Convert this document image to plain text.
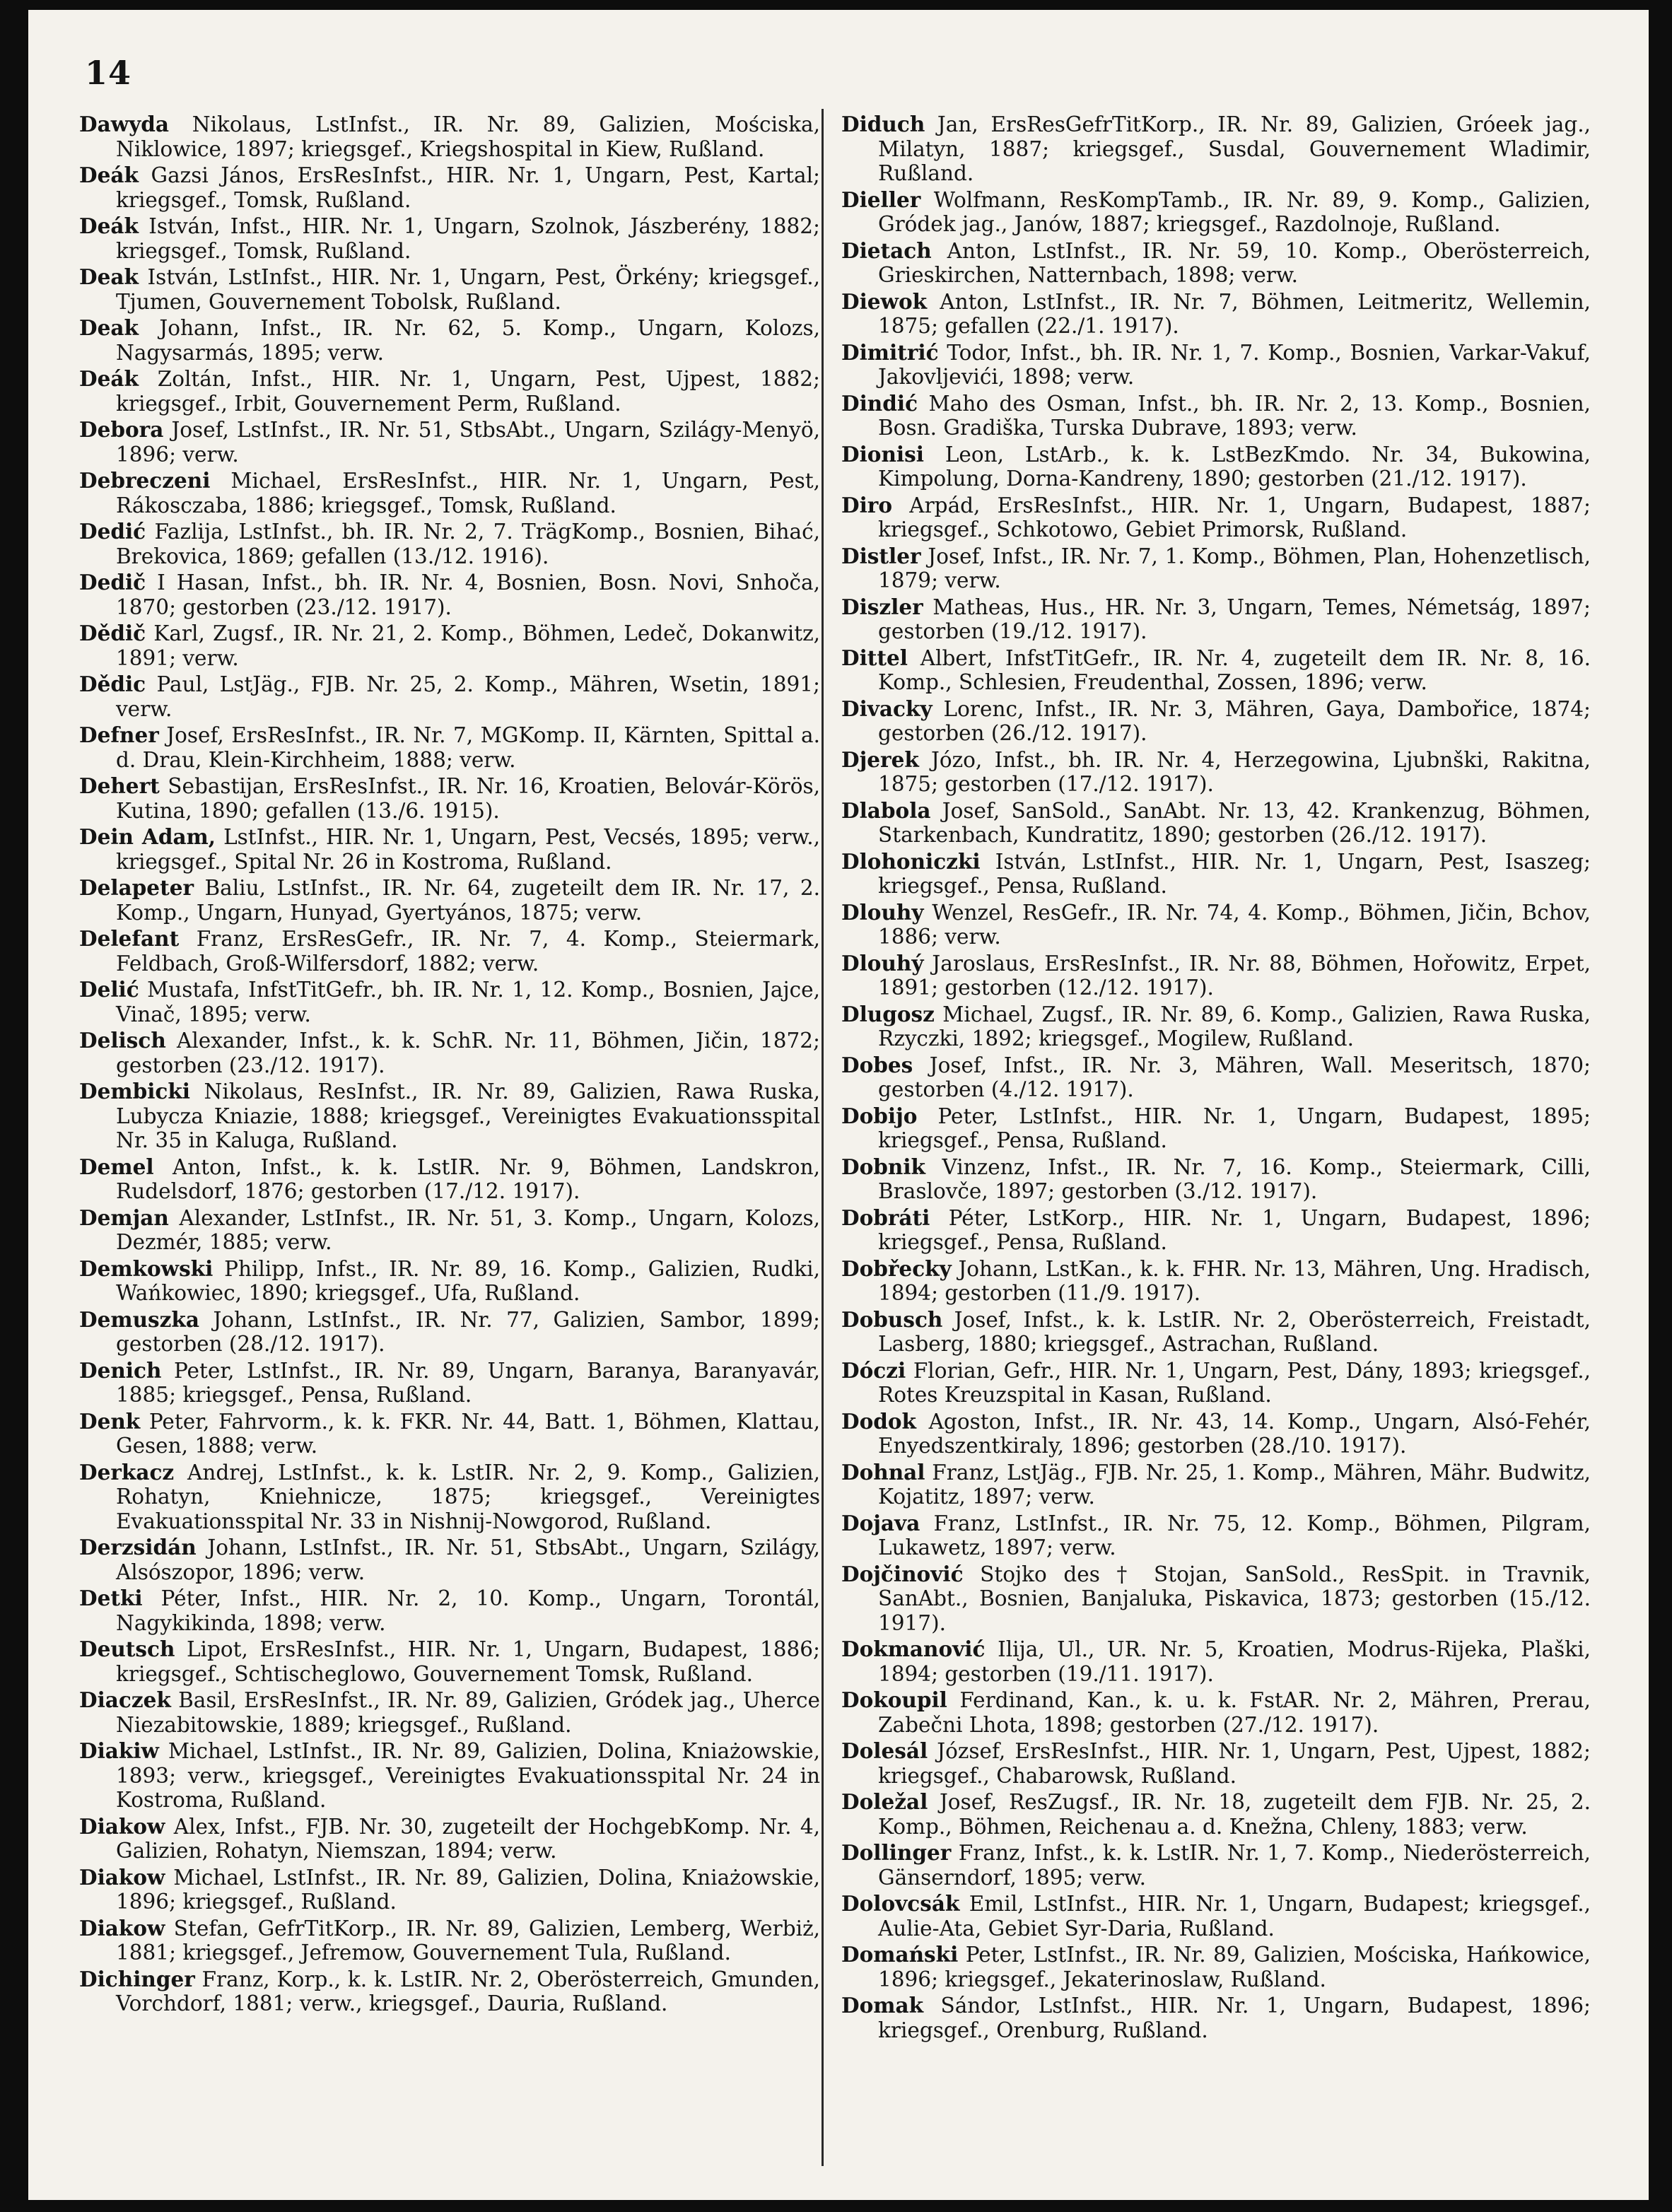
14
Dawyda Nikolaus, LstInfst., IR. Nr. 89, Galizien, Mościska, Niklowice, 1897; kriegsgef., Kriegshospital in Kiew, Rußland.
Deák Gazsi János, ErsResInfst., HIR. Nr. 1, Ungarn, Pest, Kartal; kriegsgef., Tomsk, Rußland.
Deák István, Infst., HIR. Nr. 1, Ungarn, Szolnok, Jászberény, 1882; kriegsgef., Tomsk, Rußland.
Deak István, LstInfst., HIR. Nr. 1, Ungarn, Pest, Örkény; kriegsgef., Tjumen, Gouvernement Tobolsk, Rußland.
Deak Johann, Infst., IR. Nr. 62, 5. Komp., Ungarn, Kolozs, Nagysarmás, 1895; verw.
Deák Zoltán, Infst., HIR. Nr. 1, Ungarn, Pest, Ujpest, 1882; kriegsgef., Irbit, Gouvernement Perm, Rußland.
Debora Josef, LstInfst., IR. Nr. 51, StbsAbt., Ungarn, Szilágy-Menyö, 1896; verw.
Debreczeni Michael, ErsResInfst., HIR. Nr. 1, Ungarn, Pest, Rákosczaba, 1886; kriegsgef., Tomsk, Rußland.
Dedić Fazlija, LstInfst., bh. IR. Nr. 2, 7. TrägKomp., Bosnien, Bihać, Brekovica, 1869; gefallen (13./12. 1916).
Dedič I Hasan, Infst., bh. IR. Nr. 4, Bosnien, Bosn. Novi, Snhoča, 1870; gestorben (23./12. 1917).
Dědič Karl, Zugsf., IR. Nr. 21, 2. Komp., Böhmen, Ledeč, Dokanwitz, 1891; verw.
Dědic Paul, LstJäg., FJB. Nr. 25, 2. Komp., Mähren, Wsetin, 1891; verw.
Defner Josef, ErsResInfst., IR. Nr. 7, MGKomp. II, Kärnten, Spittal a. d. Drau, Klein-Kirchheim, 1888; verw.
Dehert Sebastijan, ErsResInfst., IR. Nr. 16, Kroatien, Belovár-Körös, Kutina, 1890; gefallen (13./6. 1915).
Dein Adam, LstInfst., HIR. Nr. 1, Ungarn, Pest, Vecsés, 1895; verw., kriegsgef., Spital Nr. 26 in Kostroma, Rußland.
Delapeter Baliu, LstInfst., IR. Nr. 64, zugeteilt dem IR. Nr. 17, 2. Komp., Ungarn, Hunyad, Gyertyános, 1875; verw.
Delefant Franz, ErsResGefr., IR. Nr. 7, 4. Komp., Steiermark, Feldbach, Groß-Wilfersdorf, 1882; verw.
Delić Mustafa, InfstTitGefr., bh. IR. Nr. 1, 12. Komp., Bosnien, Jajce, Vinač, 1895; verw.
Delisch Alexander, Infst., k. k. SchR. Nr. 11, Böhmen, Jičin, 1872; gestorben (23./12. 1917).
Dembicki Nikolaus, ResInfst., IR. Nr. 89, Galizien, Rawa Ruska, Lubycza Kniazie, 1888; kriegsgef., Vereinigtes Evakuationsspital Nr. 35 in Kaluga, Rußland.
Demel Anton, Infst., k. k. LstIR. Nr. 9, Böhmen, Landskron, Rudelsdorf, 1876; gestorben (17./12. 1917).
Demjan Alexander, LstInfst., IR. Nr. 51, 3. Komp., Ungarn, Kolozs, Dezmér, 1885; verw.
Demkowski Philipp, Infst., IR. Nr. 89, 16. Komp., Galizien, Rudki, Wańkowiec, 1890; kriegsgef., Ufa, Rußland.
Demuszka Johann, LstInfst., IR. Nr. 77, Galizien, Sambor, 1899; gestorben (28./12. 1917).
Denich Peter, LstInfst., IR. Nr. 89, Ungarn, Baranya, Baranyavár, 1885; kriegsgef., Pensa, Rußland.
Denk Peter, Fahrvorm., k. k. FKR. Nr. 44, Batt. 1, Böhmen, Klattau, Gesen, 1888; verw.
Derkacz Andrej, LstInfst., k. k. LstIR. Nr. 2, 9. Komp., Galizien, Rohatyn, Kniehnicze, 1875; kriegsgef., Vereinigtes Evakuationsspital Nr. 33 in Nishnij-Nowgorod, Rußland.
Derzsidán Johann, LstInfst., IR. Nr. 51, StbsAbt., Ungarn, Szilágy, Alsószopor, 1896; verw.
Detki Péter, Infst., HIR. Nr. 2, 10. Komp., Ungarn, Torontál, Nagykikinda, 1898; verw.
Deutsch Lipot, ErsResInfst., HIR. Nr. 1, Ungarn, Budapest, 1886; kriegsgef., Schtischeglowo, Gouvernement Tomsk, Rußland.
Diaczek Basil, ErsResInfst., IR. Nr. 89, Galizien, Gródek jag., Uherce Niezabitowskie, 1889; kriegsgef., Rußland.
Diakiw Michael, LstInfst., IR. Nr. 89, Galizien, Dolina, Kniażowskie, 1893; verw., kriegsgef., Vereinigtes Evakuationsspital Nr. 24 in Kostroma, Rußland.
Diakow Alex, Infst., FJB. Nr. 30, zugeteilt der HochgebKomp. Nr. 4, Galizien, Rohatyn, Niemszan, 1894; verw.
Diakow Michael, LstInfst., IR. Nr. 89, Galizien, Dolina, Kniażowskie, 1896; kriegsgef., Rußland.
Diakow Stefan, GefrTitKorp., IR. Nr. 89, Galizien, Lemberg, Werbiż, 1881; kriegsgef., Jefremow, Gouvernement Tula, Rußland.
Dichinger Franz, Korp., k. k. LstIR. Nr. 2, Oberösterreich, Gmunden, Vorchdorf, 1881; verw., kriegsgef., Dauria, Rußland.
Diduch Jan, ErsResGefrTitKorp., IR. Nr. 89, Galizien, Gróeek jag., Milatyn, 1887; kriegsgef., Susdal, Gouvernement Wladimir, Rußland.
Dieller Wolfmann, ResKompTamb., IR. Nr. 89, 9. Komp., Galizien, Gródek jag., Janów, 1887; kriegsgef., Razdolnoje, Rußland.
Dietach Anton, LstInfst., IR. Nr. 59, 10. Komp., Oberösterreich, Grieskirchen, Natternbach, 1898; verw.
Diewok Anton, LstInfst., IR. Nr. 7, Böhmen, Leitmeritz, Wellemin, 1875; gefallen (22./1. 1917).
Dimitrić Todor, Infst., bh. IR. Nr. 1, 7. Komp., Bosnien, Varkar-Vakuf, Jakovljevići, 1898; verw.
Dindić Maho des Osman, Infst., bh. IR. Nr. 2, 13. Komp., Bosnien, Bosn. Gradiška, Turska Dubrave, 1893; verw.
Dionisi Leon, LstArb., k. k. LstBezKmdo. Nr. 34, Bukowina, Kimpolung, Dorna-Kandreny, 1890; gestorben (21./12. 1917).
Diro Arpád, ErsResInfst., HIR. Nr. 1, Ungarn, Budapest, 1887; kriegsgef., Schkotowo, Gebiet Primorsk, Rußland.
Distler Josef, Infst., IR. Nr. 7, 1. Komp., Böhmen, Plan, Hohenzetlisch, 1879; verw.
Diszler Matheas, Hus., HR. Nr. 3, Ungarn, Temes, Németság, 1897; gestorben (19./12. 1917).
Dittel Albert, InfstTitGefr., IR. Nr. 4, zugeteilt dem IR. Nr. 8, 16. Komp., Schlesien, Freudenthal, Zossen, 1896; verw.
Divacky Lorenc, Infst., IR. Nr. 3, Mähren, Gaya, Dambořice, 1874; gestorben (26./12. 1917).
Djerek Józo, Infst., bh. IR. Nr. 4, Herzegowina, Ljubnški, Rakitna, 1875; gestorben (17./12. 1917).
Dlabola Josef, SanSold., SanAbt. Nr. 13, 42. Krankenzug, Böhmen, Starkenbach, Kundratitz, 1890; gestorben (26./12. 1917).
Dlohoniczki István, LstInfst., HIR. Nr. 1, Ungarn, Pest, Isaszeg; kriegsgef., Pensa, Rußland.
Dlouhy Wenzel, ResGefr., IR. Nr. 74, 4. Komp., Böhmen, Jičin, Bchov, 1886; verw.
Dlouhý Jaroslaus, ErsResInfst., IR. Nr. 88, Böhmen, Hořowitz, Erpet, 1891; gestorben (12./12. 1917).
Dlugosz Michael, Zugsf., IR. Nr. 89, 6. Komp., Galizien, Rawa Ruska, Rzyczki, 1892; kriegsgef., Mogilew, Rußland.
Dobes Josef, Infst., IR. Nr. 3, Mähren, Wall. Meseritsch, 1870; gestorben (4./12. 1917).
Dobijo Peter, LstInfst., HIR. Nr. 1, Ungarn, Budapest, 1895; kriegsgef., Pensa, Rußland.
Dobnik Vinzenz, Infst., IR. Nr. 7, 16. Komp., Steiermark, Cilli, Braslovče, 1897; gestorben (3./12. 1917).
Dobráti Péter, LstKorp., HIR. Nr. 1, Ungarn, Budapest, 1896; kriegsgef., Pensa, Rußland.
Dobřecky Johann, LstKan., k. k. FHR. Nr. 13, Mähren, Ung. Hradisch, 1894; gestorben (11./9. 1917).
Dobusch Josef, Infst., k. k. LstIR. Nr. 2, Oberösterreich, Freistadt, Lasberg, 1880; kriegsgef., Astrachan, Rußland.
Dóczi Florian, Gefr., HIR. Nr. 1, Ungarn, Pest, Dány, 1893; kriegsgef., Rotes Kreuzspital in Kasan, Rußland.
Dodok Agoston, Infst., IR. Nr. 43, 14. Komp., Ungarn, Alsó-Fehér, Enyedszentkiraly, 1896; gestorben (28./10. 1917).
Dohnal Franz, LstJäg., FJB. Nr. 25, 1. Komp., Mähren, Mähr. Budwitz, Kojatitz, 1897; verw.
Dojava Franz, LstInfst., IR. Nr. 75, 12. Komp., Böhmen, Pilgram, Lukawetz, 1897; verw.
Dojčinović Stojko des † Stojan, SanSold., ResSpit. in Travnik, SanAbt., Bosnien, Banjaluka, Piskavica, 1873; gestorben (15./12. 1917).
Dokmanović Ilija, Ul., UR. Nr. 5, Kroatien, Modrus-Rijeka, Plaški, 1894; gestorben (19./11. 1917).
Dokoupil Ferdinand, Kan., k. u. k. FstAR. Nr. 2, Mähren, Prerau, Zabečni Lhota, 1898; gestorben (27./12. 1917).
Dolesál József, ErsResInfst., HIR. Nr. 1, Ungarn, Pest, Ujpest, 1882; kriegsgef., Chabarowsk, Rußland.
Doležal Josef, ResZugsf., IR. Nr. 18, zugeteilt dem FJB. Nr. 25, 2. Komp., Böhmen, Reichenau a. d. Knežna, Chleny, 1883; verw.
Dollinger Franz, Infst., k. k. LstIR. Nr. 1, 7. Komp., Niederösterreich, Gänserndorf, 1895; verw.
Dolovcsák Emil, LstInfst., HIR. Nr. 1, Ungarn, Budapest; kriegsgef., Aulie-Ata, Gebiet Syr-Daria, Rußland.
Domański Peter, LstInfst., IR. Nr. 89, Galizien, Mościska, Hańkowice, 1896; kriegsgef., Jekaterinoslaw, Rußland.
Domak Sándor, LstInfst., HIR. Nr. 1, Ungarn, Budapest, 1896; kriegsgef., Orenburg, Rußland.
